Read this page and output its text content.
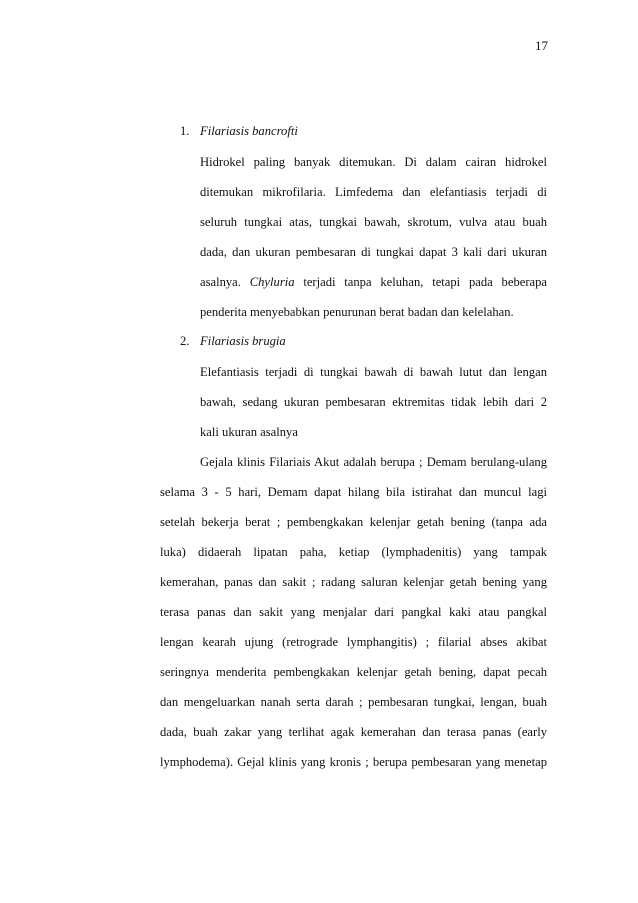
17
1. Filariasis bancrofti
Hidrokel paling banyak ditemukan. Di dalam cairan hidrokel
ditemukan mikrofilaria. Limfedema dan elefantiasis terjadi di
seluruh tungkai atas, tungkai bawah, skrotum, vulva atau buah
dada, dan ukuran pembesaran di tungkai dapat 3 kali dari ukuran
asalnya. Chyluria terjadi tanpa keluhan, tetapi pada beberapa
penderita menyebabkan penurunan berat badan dan kelelahan.
2. Filariasis brugia
Elefantiasis terjadi di tungkai bawah di bawah lutut dan lengan
bawah, sedang ukuran pembesaran ektremitas tidak lebih dari 2
kali ukuran asalnya
Gejala klinis Filariais Akut adalah berupa ; Demam berulang-ulang
selama 3 - 5 hari, Demam dapat hilang bila istirahat dan muncul lagi
setelah bekerja berat ; pembengkakan kelenjar getah bening (tanpa ada
luka) didaerah lipatan paha, ketiap (lymphadenitis) yang tampak
kemerahan, panas dan sakit ; radang saluran kelenjar getah bening yang
terasa panas dan sakit yang menjalar dari pangkal kaki atau pangkal
lengan kearah ujung (retrograde lymphangitis) ; filarial abses akibat
seringnya menderita pembengkakan kelenjar getah bening, dapat pecah
dan mengeluarkan nanah serta darah ; pembesaran tungkai, lengan, buah
dada, buah zakar yang terlihat agak kemerahan dan terasa panas (early
lymphodema). Gejal klinis yang kronis ; berupa pembesaran yang menetap
